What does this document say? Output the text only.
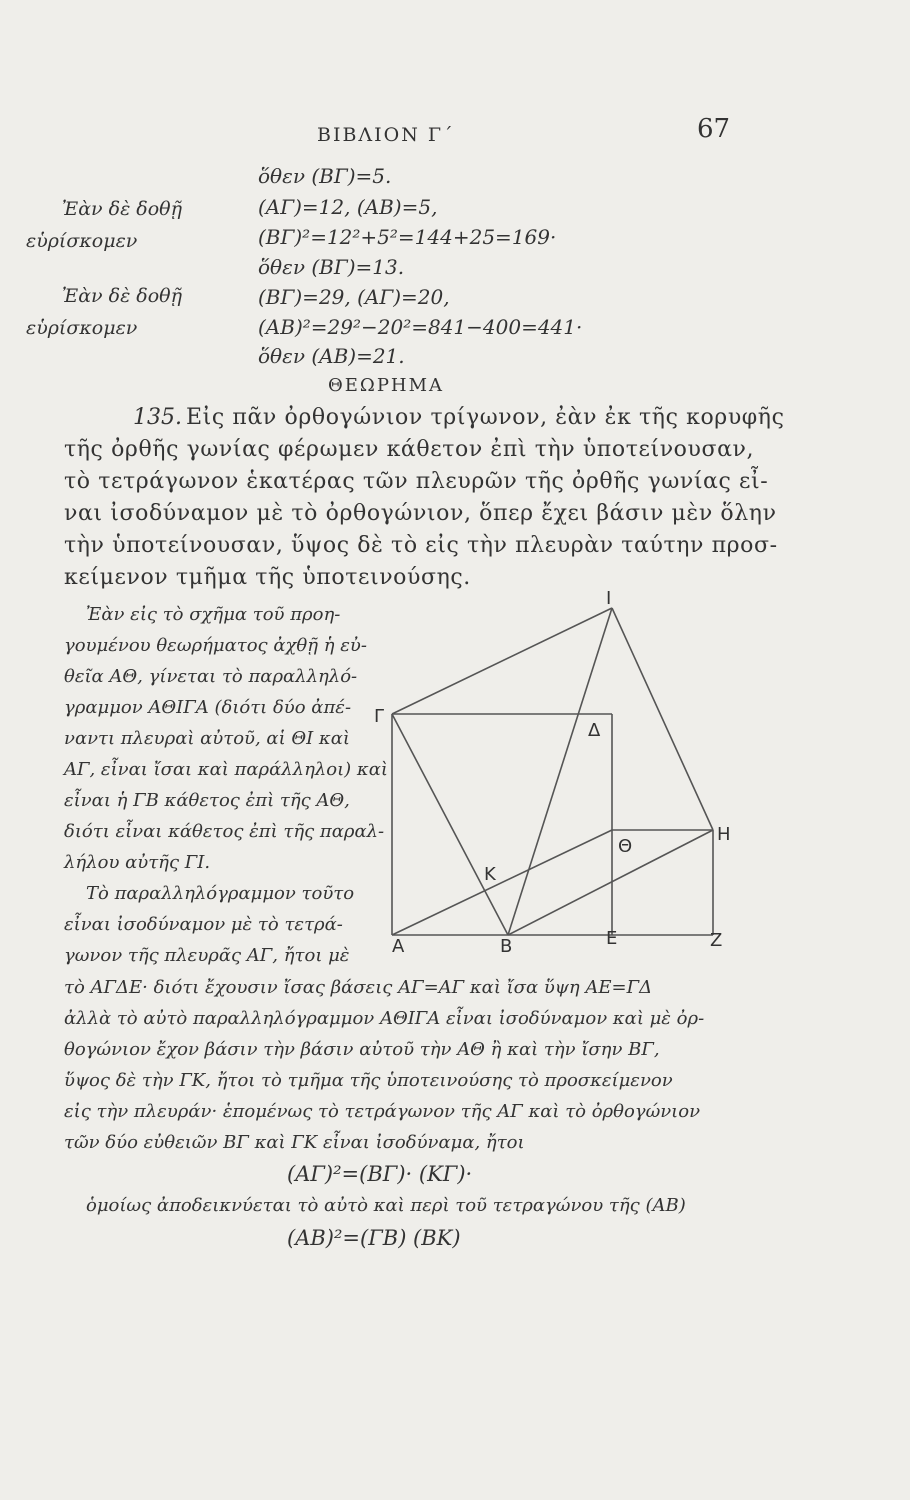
ΒΙΒΛΙΟΝ Γ΄	67
ὅθεν (ΒΓ)=5.
Ἐὰν δὲ δοθῇ	(ΑΓ)=12, (ΑΒ)=5,
εὑρίσκομεν	(ΒΓ)²=12²+5²=144+25=169·
ὅθεν (ΒΓ)=13.
Ἐὰν δὲ δοθῇ	(ΒΓ)=29, (ΑΓ)=20,
εὑρίσκομεν	(ΑΒ)²=29²−20²=841−400=441·
ὅθεν (ΑΒ)=21.
ΘΕΩΡΗΜΑ
135. Εἰς πᾶν ὀρθογώνιον τρίγωνον, ἐὰν ἐκ τῆς κορυφῆς
τῆς ὀρθῆς γωνίας φέρωμεν κάθετον ἐπὶ τὴν ὑποτείνουσαν,
τὸ τετράγωνον ἑκατέρας τῶν πλευρῶν τῆς ὀρθῆς γωνίας εἶ-
ναι ἰσοδύναμον μὲ τὸ ὀρθογώνιον, ὅπερ ἔχει βάσιν μὲν ὅλην
τὴν ὑποτείνουσαν, ὕψος δὲ τὸ εἰς τὴν πλευρὰν ταύτην προσ-
κείμενον τμῆμα τῆς ὑποτεινούσης.
Ἐὰν εἰς τὸ σχῆμα τοῦ προη-
γουμένου θεωρήματος ἀχθῇ ἡ εὐ-
θεῖα ΑΘ, γίνεται τὸ παραλληλό-
γραμμον ΑΘΙΓΑ (διότι δύο ἀπέ-
ναντι πλευραὶ αὐτοῦ, αἱ ΘΙ καὶ
ΑΓ, εἶναι ἴσαι καὶ παράλληλοι) καὶ
εἶναι ἡ ΓΒ κάθετος ἐπὶ τῆς ΑΘ,
διότι εἶναι κάθετος ἐπὶ τῆς παραλ-
λήλου αὐτῆς ΓΙ.
Τὸ παραλληλόγραμμον τοῦτο
εἶναι ἰσοδύναμον μὲ τὸ τετρά-
γωνον τῆς πλευρᾶς ΑΓ, ἤτοι μὲ
Ι
Γ
Δ
Η
Θ
Κ
Α	Β	Ε	Ζ
τὸ ΑΓΔΕ· διότι ἔχουσιν ἴσας βάσεις ΑΓ=ΑΓ καὶ ἴσα ὕψη ΑΕ=ΓΔ
ἀλλὰ τὸ αὐτὸ παραλληλόγραμμον ΑΘΙΓΑ εἶναι ἰσοδύναμον καὶ μὲ ὀρ-
θογώνιον ἔχον βάσιν τὴν βάσιν αὐτοῦ τὴν ΑΘ ἢ καὶ τὴν ἴσην ΒΓ,
ὕψος δὲ τὴν ΓΚ, ἤτοι τὸ τμῆμα τῆς ὑποτεινούσης τὸ προσκείμενον
εἰς τὴν πλευράν· ἑπομένως τὸ τετράγωνον τῆς ΑΓ καὶ τὸ ὀρθογώνιον
τῶν δύο εὐθειῶν ΒΓ καὶ ΓΚ εἶναι ἰσοδύναμα, ἤτοι
(ΑΓ)²=(ΒΓ)· (ΚΓ)·
ὁμοίως ἀποδεικνύεται τὸ αὐτὸ καὶ περὶ τοῦ τετραγώνου τῆς (ΑΒ)
(ΑΒ)²=(ΓΒ) (ΒΚ)
